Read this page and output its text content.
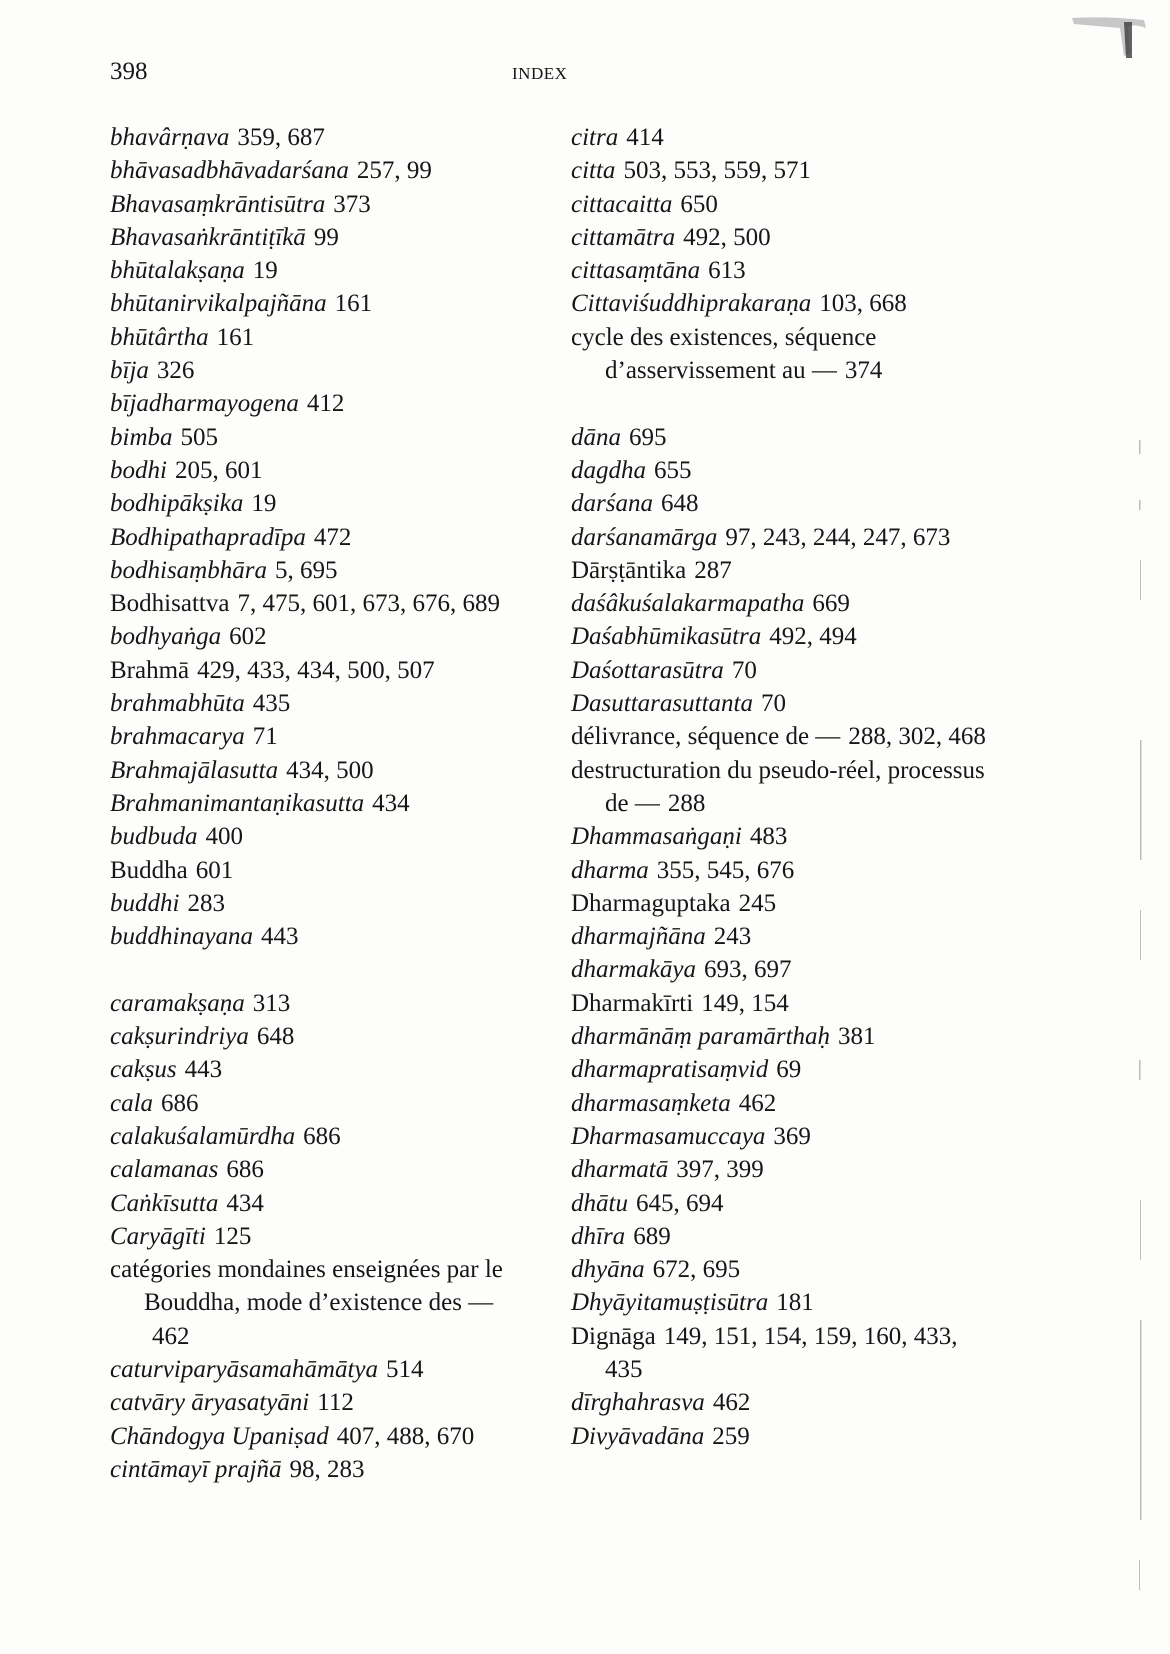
398	INDEX
bhavârṇava 359, 687
bhāvasadbhāvadarśana 257, 99
Bhavasaṃkrāntisūtra 373
Bhavasaṅkrāntiṭīkā 99
bhūtalakṣaṇa 19
bhūtanirvikalpajñāna 161
bhūtârtha 161
bīja 326
bījadharmayogena 412
bimba 505
bodhi 205, 601
bodhipākṣika 19
Bodhipathapradīpa 472
bodhisaṃbhāra 5, 695
Bodhisattva 7, 475, 601, 673, 676, 689
bodhyaṅga 602
Brahmā 429, 433, 434, 500, 507
brahmabhūta 435
brahmacarya 71
Brahmajālasutta 434, 500
Brahmanimantaṇikasutta 434
budbuda 400
Buddha 601
buddhi 283
buddhinayana 443
caramakṣaṇa 313
cakṣurindriya 648
cakṣus 443
cala 686
calakuśalamūrdha 686
calamanas 686
Caṅkīsutta 434
Caryāgīti 125
catégories mondaines enseignées par le Bouddha, mode d’existence des —462
caturviparyāsamahāmātya 514
catvāry āryasatyāni 112
Chāndogya Upaniṣad 407, 488, 670
cintāmayī prajñā 98, 283
citra 414
citta 503, 553, 559, 571
cittacaitta 650
cittamātra 492, 500
cittasaṃtāna 613
Cittaviśuddhiprakaraṇa 103, 668
cycle des existences, séquence d’asservissement au — 374
dāna 695
dagdha 655
darśana 648
darśanamārga 97, 243, 244, 247, 673
Dārṣṭāntika 287
daśâkuśalakarmapatha 669
Daśabhūmikasūtra 492, 494
Daśottarasūtra 70
Dasuttarasuttanta 70
délivrance, séquence de — 288, 302, 468
destructuration du pseudo-réel, processus de — 288
Dhammasaṅgaṇi 483
dharma 355, 545, 676
Dharmaguptaka 245
dharmajñāna 243
dharmakāya 693, 697
Dharmakīrti 149, 154
dharmānāṃ paramārthaḥ 381
dharmapratisaṃvid 69
dharmasaṃketa 462
Dharmasamuccaya 369
dharmatā 397, 399
dhātu 645, 694
dhīra 689
dhyāna 672, 695
Dhyāyitamuṣṭisūtra 181
Dignāga 149, 151, 154, 159, 160, 433, 435
dīrghahrasva 462
Divyāvadāna 259
